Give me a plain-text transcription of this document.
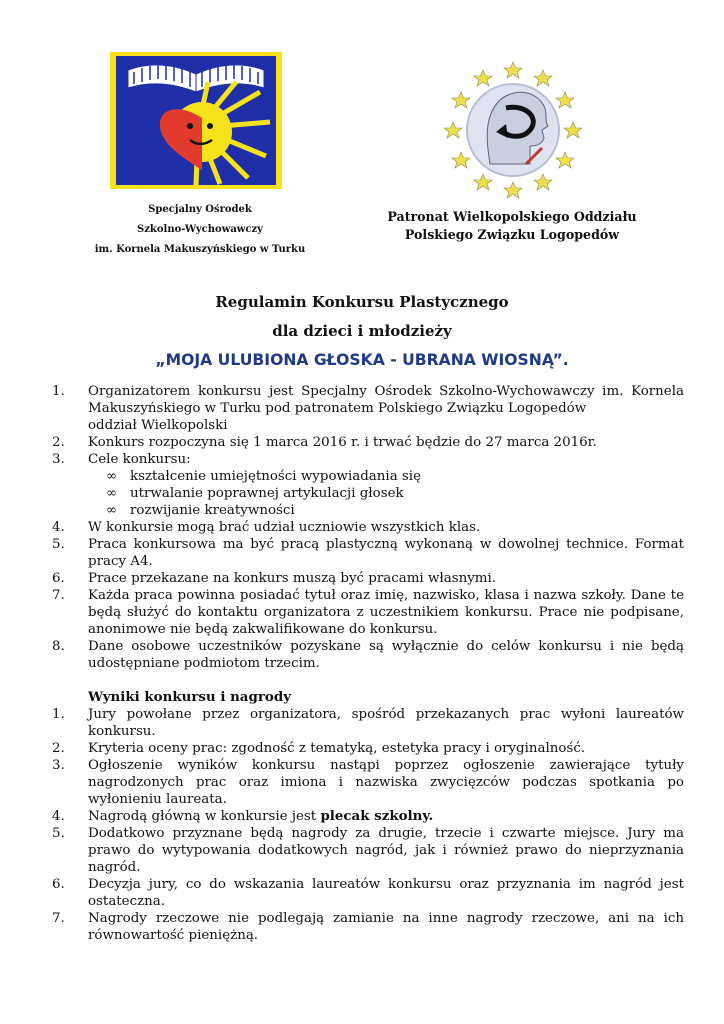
Specjalny Ośrodek
Szkolno-Wychowawczy
im. Kornela Makuszyńskiego w Turku
Patronat Wielkopolskiego Oddziału
Polskiego Związku Logopedów
Regulamin Konkursu Plastycznego
dla dzieci i młodzieży
„MOJA ULUBIONA GŁOSKA - UBRANA WIOSNĄ”.
1.	Organizatorem konkursu jest Specjalny Ośrodek Szkolno-Wychowawczy im. Kornela Makuszyńskiego w Turku pod patronatem Polskiego Związku Logopedów
oddział Wielkopolski
2.	Konkurs rozpoczyna się 1 marca 2016 r. i trwać będzie do 27 marca 2016r.
3.	Cele konkursu:
∞ kształcenie umiejętności wypowiadania się
∞ utrwalanie poprawnej artykulacji głosek
∞ rozwijanie kreatywności
4.	W konkursie mogą brać udział uczniowie wszystkich klas.
5.	Praca konkursowa ma być pracą plastyczną wykonaną w dowolnej technice. Format pracy A4.
6.	Prace przekazane na konkurs muszą być pracami własnymi.
7.	Każda praca powinna posiadać tytuł oraz imię, nazwisko, klasa i nazwa szkoły. Dane te będą służyć do kontaktu organizatora z uczestnikiem konkursu. Prace nie podpisane, anonimowe nie będą zakwalifikowane do konkursu.
8.	Dane osobowe uczestników pozyskane są wyłącznie do celów konkursu i nie będą udostępniane podmiotom trzecim.
Wyniki konkursu i nagrody
1.	Jury powołane przez organizatora, spośród przekazanych prac wyłoni laureatów konkursu.
2.	Kryteria oceny prac: zgodność z tematyką, estetyka pracy i oryginalność.
3.	Ogłoszenie wyników konkursu nastąpi poprzez ogłoszenie zawierające tytuły nagrodzonych prac oraz imiona i nazwiska zwycięzców podczas spotkania po wyłonieniu laureata.
4.	Nagrodą główną w konkursie jest plecak szkolny.
5.	Dodatkowo przyznane będą nagrody za drugie, trzecie i czwarte miejsce. Jury ma prawo do wytypowania dodatkowych nagród, jak i również prawo do nieprzyznania nagród.
6.	Decyzja jury, co do wskazania laureatów konkursu oraz przyznania im nagród jest ostateczna.
7.	Nagrody rzeczowe nie podlegają zamianie na inne nagrody rzeczowe, ani na ich równowartość pieniężną.
